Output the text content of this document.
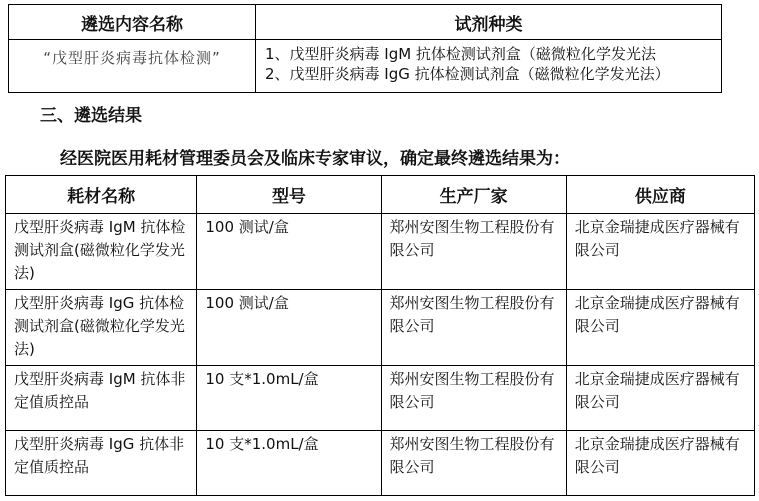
遴选内容名称	试剂种类

“戊型肝炎病毒抗体检测”	1、戊型肝炎病毒 IgM 抗体检测试剂盒（磁微粒化学发光法
2、戊型肝炎病毒 IgG 抗体检测试剂盒（磁微粒化学发光法）
三、遴选结果
经医院医用耗材管理委员会及临床专家审议，确定最终遴选结果为：
耗材名称	型号	生产厂家	供应商
戊型肝炎病毒 IgM 抗体检测试剂盒(磁微粒化学发光法)	100 测试/盒	郑州安图生物工程股份有限公司	北京金瑞捷成医疗器械有限公司
戊型肝炎病毒 IgG 抗体检测试剂盒(磁微粒化学发光法)	100 测试/盒	郑州安图生物工程股份有限公司	北京金瑞捷成医疗器械有限公司
戊型肝炎病毒 IgM 抗体非定值质控品	10 支*1.0mL/盒	郑州安图生物工程股份有限公司	北京金瑞捷成医疗器械有限公司
戊型肝炎病毒 IgG 抗体非定值质控品	10 支*1.0mL/盒	郑州安图生物工程股份有限公司	北京金瑞捷成医疗器械有限公司
